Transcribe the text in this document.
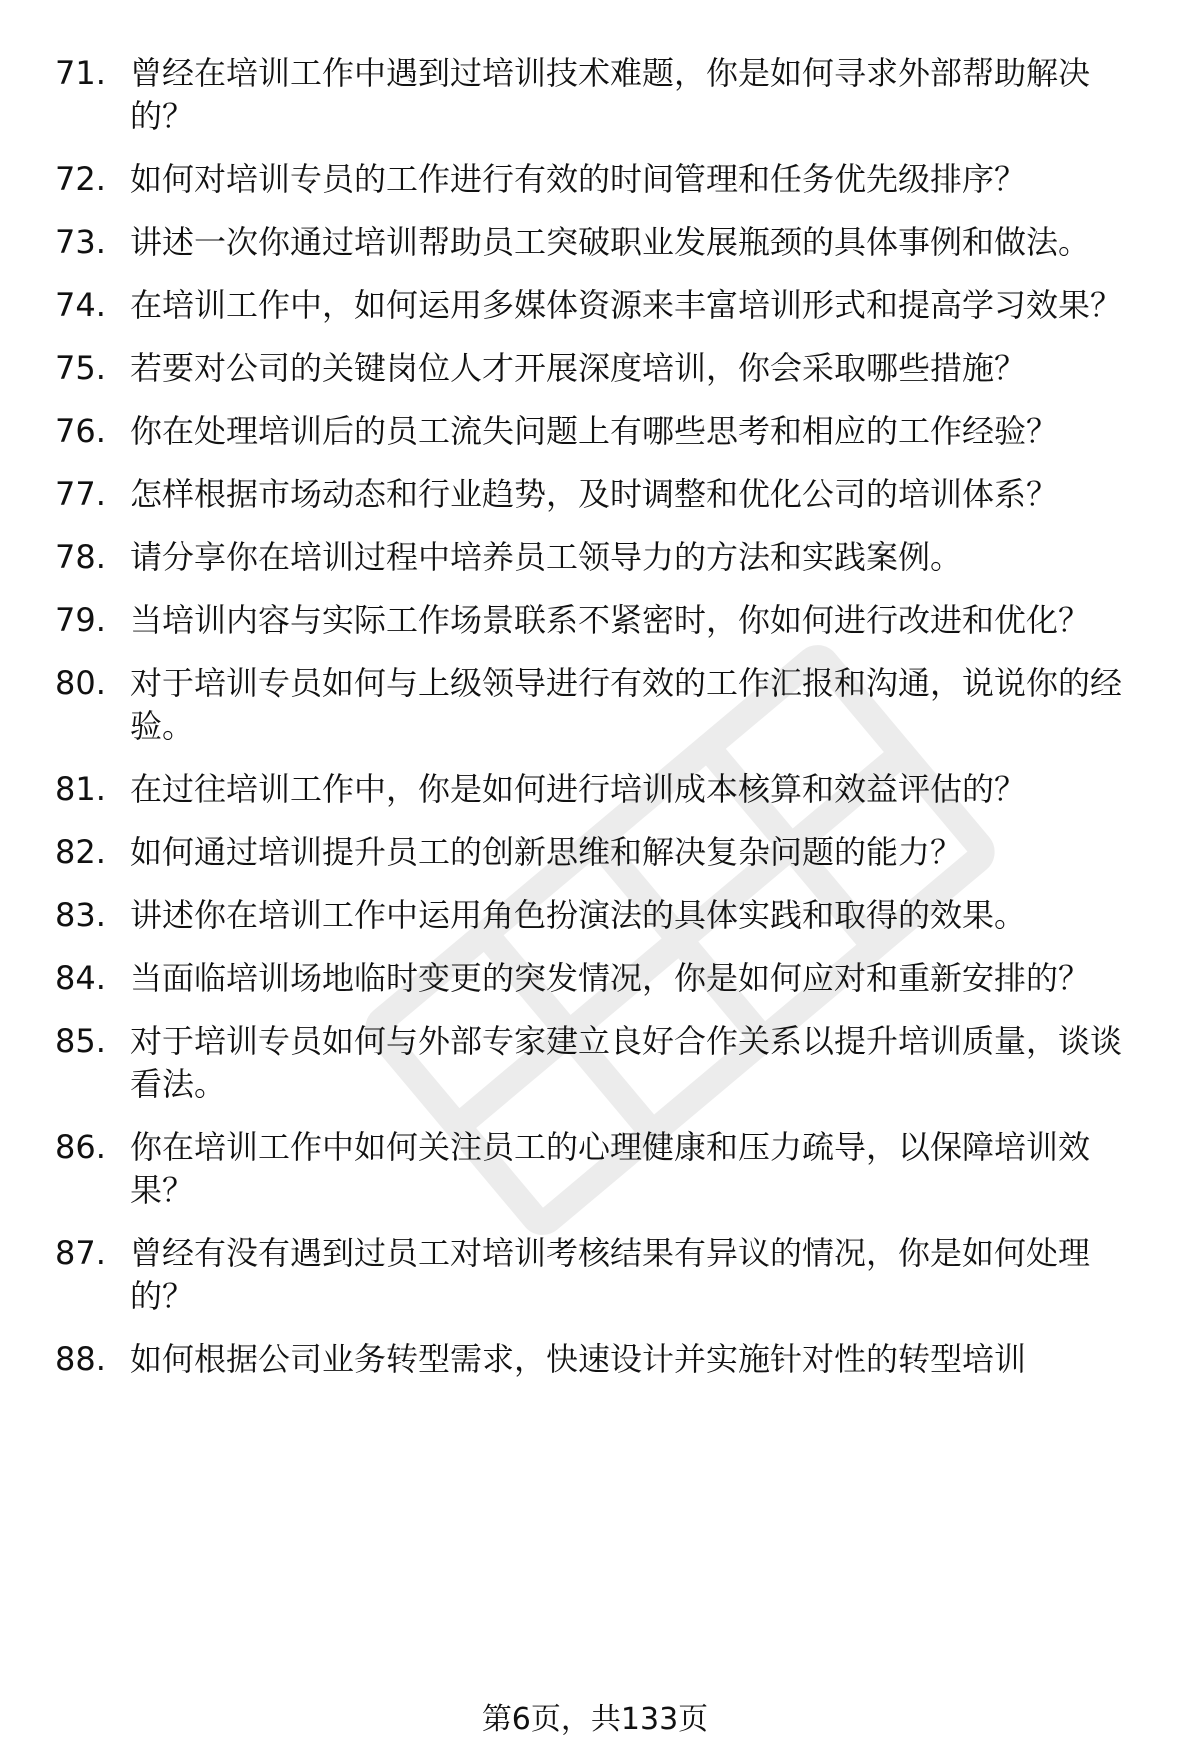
71. 曾经在培训工作中遇到过培训技术难题，你是如何寻求外部帮助解决的？
72. 如何对培训专员的工作进行有效的时间管理和任务优先级排序？
73. 讲述一次你通过培训帮助员工突破职业发展瓶颈的具体事例和做法。
74. 在培训工作中，如何运用多媒体资源来丰富培训形式和提高学习效果？
75. 若要对公司的关键岗位人才开展深度培训，你会采取哪些措施？
76. 你在处理培训后的员工流失问题上有哪些思考和相应的工作经验？
77. 怎样根据市场动态和行业趋势，及时调整和优化公司的培训体系？
78. 请分享你在培训过程中培养员工领导力的方法和实践案例。
79. 当培训内容与实际工作场景联系不紧密时，你如何进行改进和优化？
80. 对于培训专员如何与上级领导进行有效的工作汇报和沟通，说说你的经验。
81. 在过往培训工作中，你是如何进行培训成本核算和效益评估的？
82. 如何通过培训提升员工的创新思维和解决复杂问题的能力？
83. 讲述你在培训工作中运用角色扮演法的具体实践和取得的效果。
84. 当面临培训场地临时变更的突发情况，你是如何应对和重新安排的？
85. 对于培训专员如何与外部专家建立良好合作关系以提升培训质量，谈谈看法。
86. 你在培训工作中如何关注员工的心理健康和压力疏导，以保障培训效果？
87. 曾经有没有遇到过员工对培训考核结果有异议的情况，你是如何处理的？
88. 如何根据公司业务转型需求，快速设计并实施针对性的转型培训
第6页，共133页
